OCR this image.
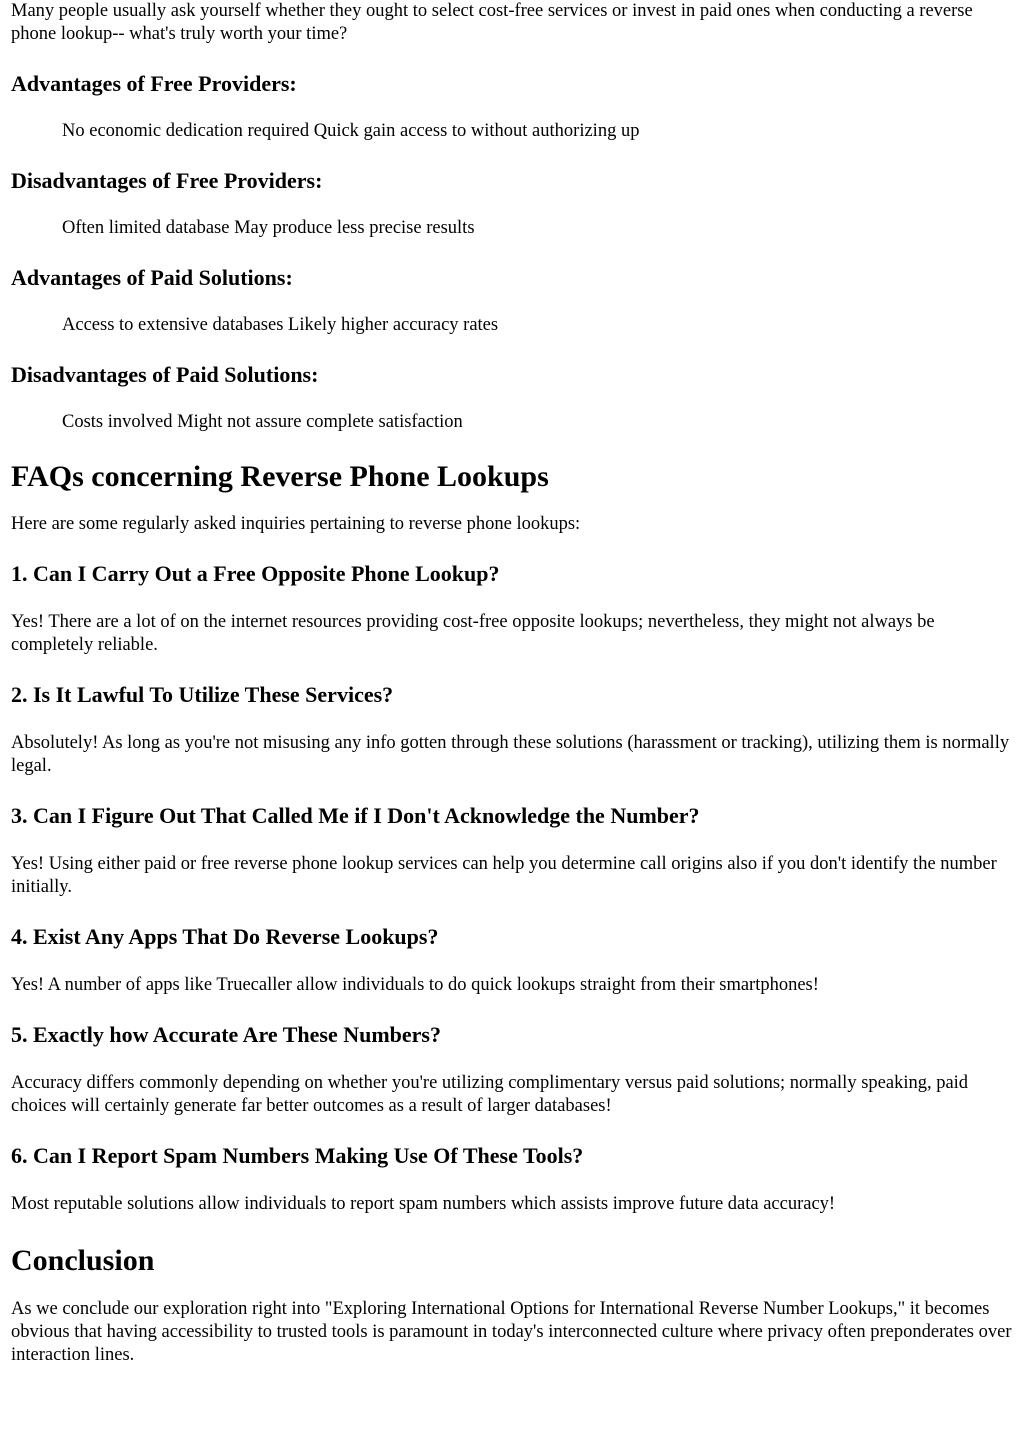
Many people usually ask yourself whether they ought to select cost-free services or invest in paid ones when conducting a reverse phone lookup-- what's truly worth your time?

Advantages of Free Providers:
No economic dedication required Quick gain access to without authorizing up
Disadvantages of Free Providers:
Often limited database May produce less precise results
Advantages of Paid Solutions:
Access to extensive databases Likely higher accuracy rates
Disadvantages of Paid Solutions:
Costs involved Might not assure complete satisfaction
FAQs concerning Reverse Phone Lookups

Here are some regularly asked inquiries pertaining to reverse phone lookups:

1. Can I Carry Out a Free Opposite Phone Lookup?

Yes! There are a lot of on the internet resources providing cost-free opposite lookups; nevertheless, they might not always be completely reliable.

2. Is It Lawful To Utilize These Services?

Absolutely! As long as you're not misusing any info gotten through these solutions (harassment or tracking), utilizing them is normally legal.

3. Can I Figure Out That Called Me if I Don't Acknowledge the Number?

Yes! Using either paid or free reverse phone lookup services can help you determine call origins also if you don't identify the number initially.

4. Exist Any Apps That Do Reverse Lookups?

Yes! A number of apps like Truecaller allow individuals to do quick lookups straight from their smartphones!

5. Exactly how Accurate Are These Numbers?

Accuracy differs commonly depending on whether you're utilizing complimentary versus paid solutions; normally speaking, paid choices will certainly generate far better outcomes as a result of larger databases!

6. Can I Report Spam Numbers Making Use Of These Tools?

Most reputable solutions allow individuals to report spam numbers which assists improve future data accuracy!

Conclusion

As we conclude our exploration right into "Exploring International Options for International Reverse Number Lookups," it becomes obvious that having accessibility to trusted tools is paramount in today's interconnected culture where privacy often preponderates over interaction lines.
